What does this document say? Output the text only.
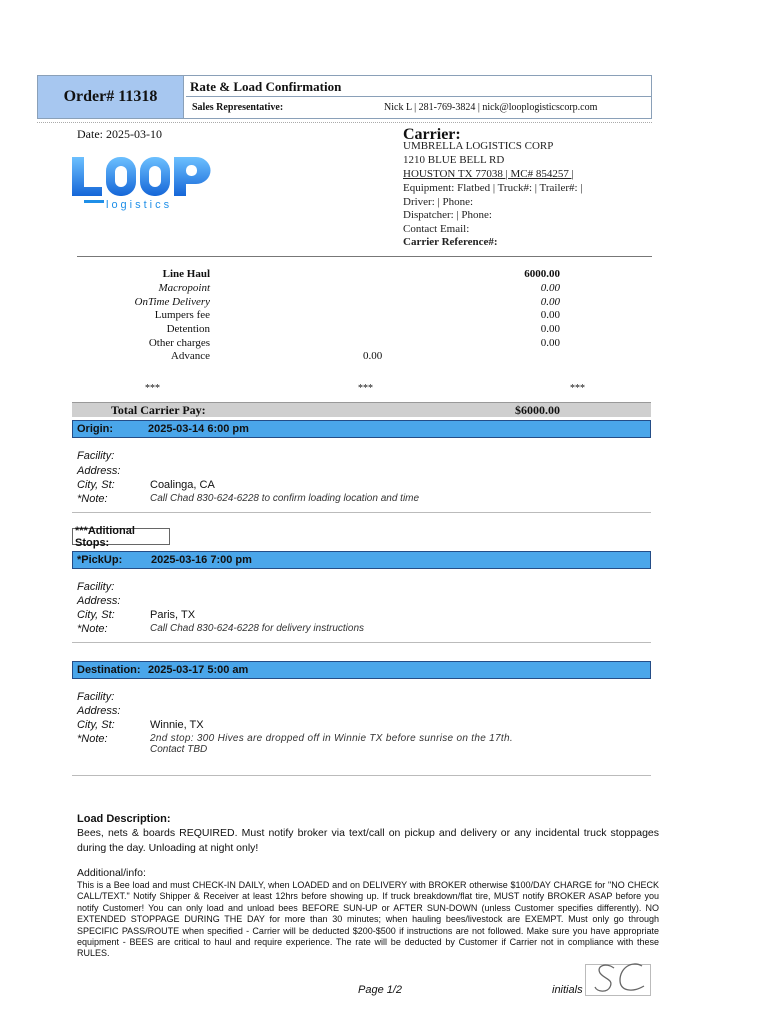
Order# 11318
Rate & Load Confirmation
Sales Representative:	Nick L | 281-769-3824 | nick@looplogisticscorp.com
Date: 2025-03-10
logistics
Carrier:
UMBRELLA LOGISTICS CORP
1210 BLUE BELL RD
HOUSTON TX 77038 | MC# 854257 |
Equipment: Flatbed | Truck#: | Trailer#: |
Driver: | Phone:
Dispatcher: | Phone:
Contact Email:
Carrier Reference#:
Line Haul	6000.00
Macropoint	0.00
OnTime Delivery	0.00
Lumpers fee	0.00
Detention	0.00
Other charges	0.00
Advance	0.00
***	***	***
Total Carrier Pay:	$6000.00
Origin:	2025-03-14 6:00 pm
Facility:
Address:
City, St:	Coalinga, CA
*Note:	Call Chad 830-624-6228 to confirm loading location and time
***Aditional Stops:
*PickUp:	2025-03-16 7:00 pm
Facility:
Address:
City, St:	Paris, TX
*Note:	Call Chad 830-624-6228 for delivery instructions
Destination: 2025-03-17 5:00 am
Facility:
Address:
City, St:	Winnie, TX
*Note:	2nd stop: 300 Hives are dropped off in Winnie TX before sunrise on the 17th.
Contact TBD
Load Description:
Bees, nets & boards REQUIRED. Must notify broker via text/call on pickup and delivery or any incidental truck stoppages during the day. Unloading at night only!
Additional/info:
This is a Bee load and must CHECK-IN DAILY, when LOADED and on DELIVERY with BROKER otherwise $100/DAY CHARGE for "NO CHECK CALL/TEXT." Notify Shipper & Receiver at least 12hrs before showing up. If truck breakdown/flat tire, MUST notify BROKER ASAP before you notify Customer! You can only load and unload bees BEFORE SUN-UP or AFTER SUN-DOWN (unless Customer specifies differently). NO EXTENDED STOPPAGE DURING THE DAY for more than 30 minutes; when hauling bees/livestock are EXEMPT. Must only go through SPECIFIC PASS/ROUTE when specified - Carrier will be deducted $200-$500 if instructions are not followed. Make sure you have appropriate equipment - BEES are critical to haul and require experience. The rate will be deducted by Customer if Carrier not in compliance with these RULES.
Page 1/2	initials
